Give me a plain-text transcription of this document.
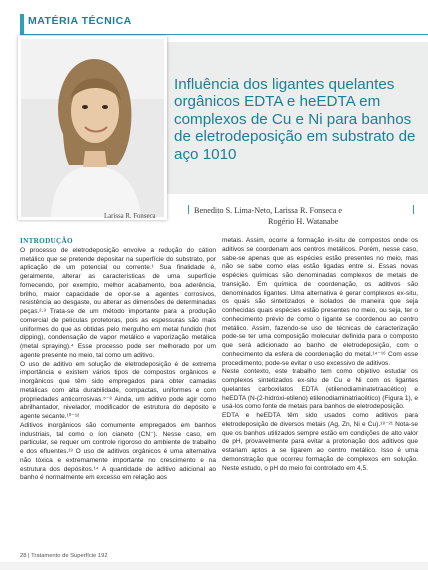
MATÉRIA TÉCNICA
Influência dos ligantes quelantes orgânicos EDTA e heEDTA em complexos de Cu e Ni para banhos de eletrodeposição em substrato de aço 1010
Larissa R. Fonseca
Benedito S. Lima-Neto, Larissa R. Fonseca e
Rogério H. Watanabe
INTRODUÇÃO

O processo de eletrodeposição envolve a redução do cátion metálico que se pretende depositar na superfície do substrato, por aplicação de um potencial ou corrente.¹ Sua finalidade é, geralmente, alterar as características de uma superfície fornecendo, por exemplo, melhor acabamento, boa aderência, brilho, maior capacidade de opor-se a agentes corrosivos, resistência ao desgaste, ou alterar as dimensões de determinadas peças.²·³ Trata-se de um método importante para a produção comercial de películas protetoras, pois as espessuras são mais uniformes do que as obtidas pelo mergulho em metal fundido (hot dipping), condensação de vapor metálico e vaporização metálica (metal spraying).⁴ Esse processo pode ser melhorado por um agente presente no meio, tal como um aditivo.

O uso de aditivo em solução de eletrodeposição é de extrema importância e existem vários tipos de compostos orgânicos e inorgânicos que têm sido empregados para obter camadas metálicas com alta durabilidade, compactas, uniformes e com propriedades anticorrosivas.⁵⁻⁸ Ainda, um aditivo pode agir como abrilhantador, nivelador, modificador de estrutura do depósito e agente secante.¹⁰⁻¹²

Aditivos inorgânicos são comumente empregados em banhos industriais, tal como o íon cianeto (CN⁻). Nesse caso, em particular, se requer um controle rigoroso do ambiente de trabalho e dos efluentes.¹³ O uso de aditivos orgânicos é uma alternativa não tóxica e extremamente importante no crescimento e na estrutura dos depósitos.¹⁴ A quantidade de aditivo adicional ao banho é normalmente em excesso em relação aos

metais. Assim, ocorre a formação in-situ de compostos onde os aditivos se coordenam aos centros metálicos. Porém, nesse caso, sabe-se apenas que as espécies estão presentes no meio, mas não se sabe como elas estão ligadas entre si. Essas novas espécies químicas são denominadas complexos de metais de transição. Em química de coordenação, os aditivos são denominados ligantes. Uma alternativa é gerar complexos ex-situ, os quais são sintetizados e isolados de maneira que seja conhecidas quais espécies estão presentes no meio, ou seja, ter o conhecimento prévio de como o ligante se coordenou ao centro metálico. Assim, fazendo-se uso de técnicas de caracterização pode-se ter uma composição molecular definida para o composto que será adicionado ao banho de eletrodeposição, com o conhecimento da esfera de coordenação do metal.¹⁴⁻¹⁶ Com esse procedimento, pode-se evitar o uso excessivo de aditivos.

Neste contexto, este trabalho tem como objetivo estudar os complexos sintetizados ex-situ de Cu e Ni com os ligantes quelantes carboxilatos EDTA (etilenodiaminatetraacético) e heEDTA (N-(2-hidróxi-etileno) etilenodiaminatriacético) (Figura 1), e usá-los como fonte de metais para banhos de eletrodeposição.

EDTA e heEDTA têm sido usados como aditivos para eletrodeposição de diversos metais (Ag, Zn, Ni e Cu).¹⁸⁻²¹ Nota-se que os banhos utilizados sempre estão em condições de alto valor de pH, provavelmente para evitar a protonação dos aditivos que estariam aptos a se ligarem ao centro metálico. Isso é uma demonstração que ocorreu formação de complexos em solução. Neste estudo, o pH do meio foi controlado em 4,5.

28 | Tratamento de Superfície 192
